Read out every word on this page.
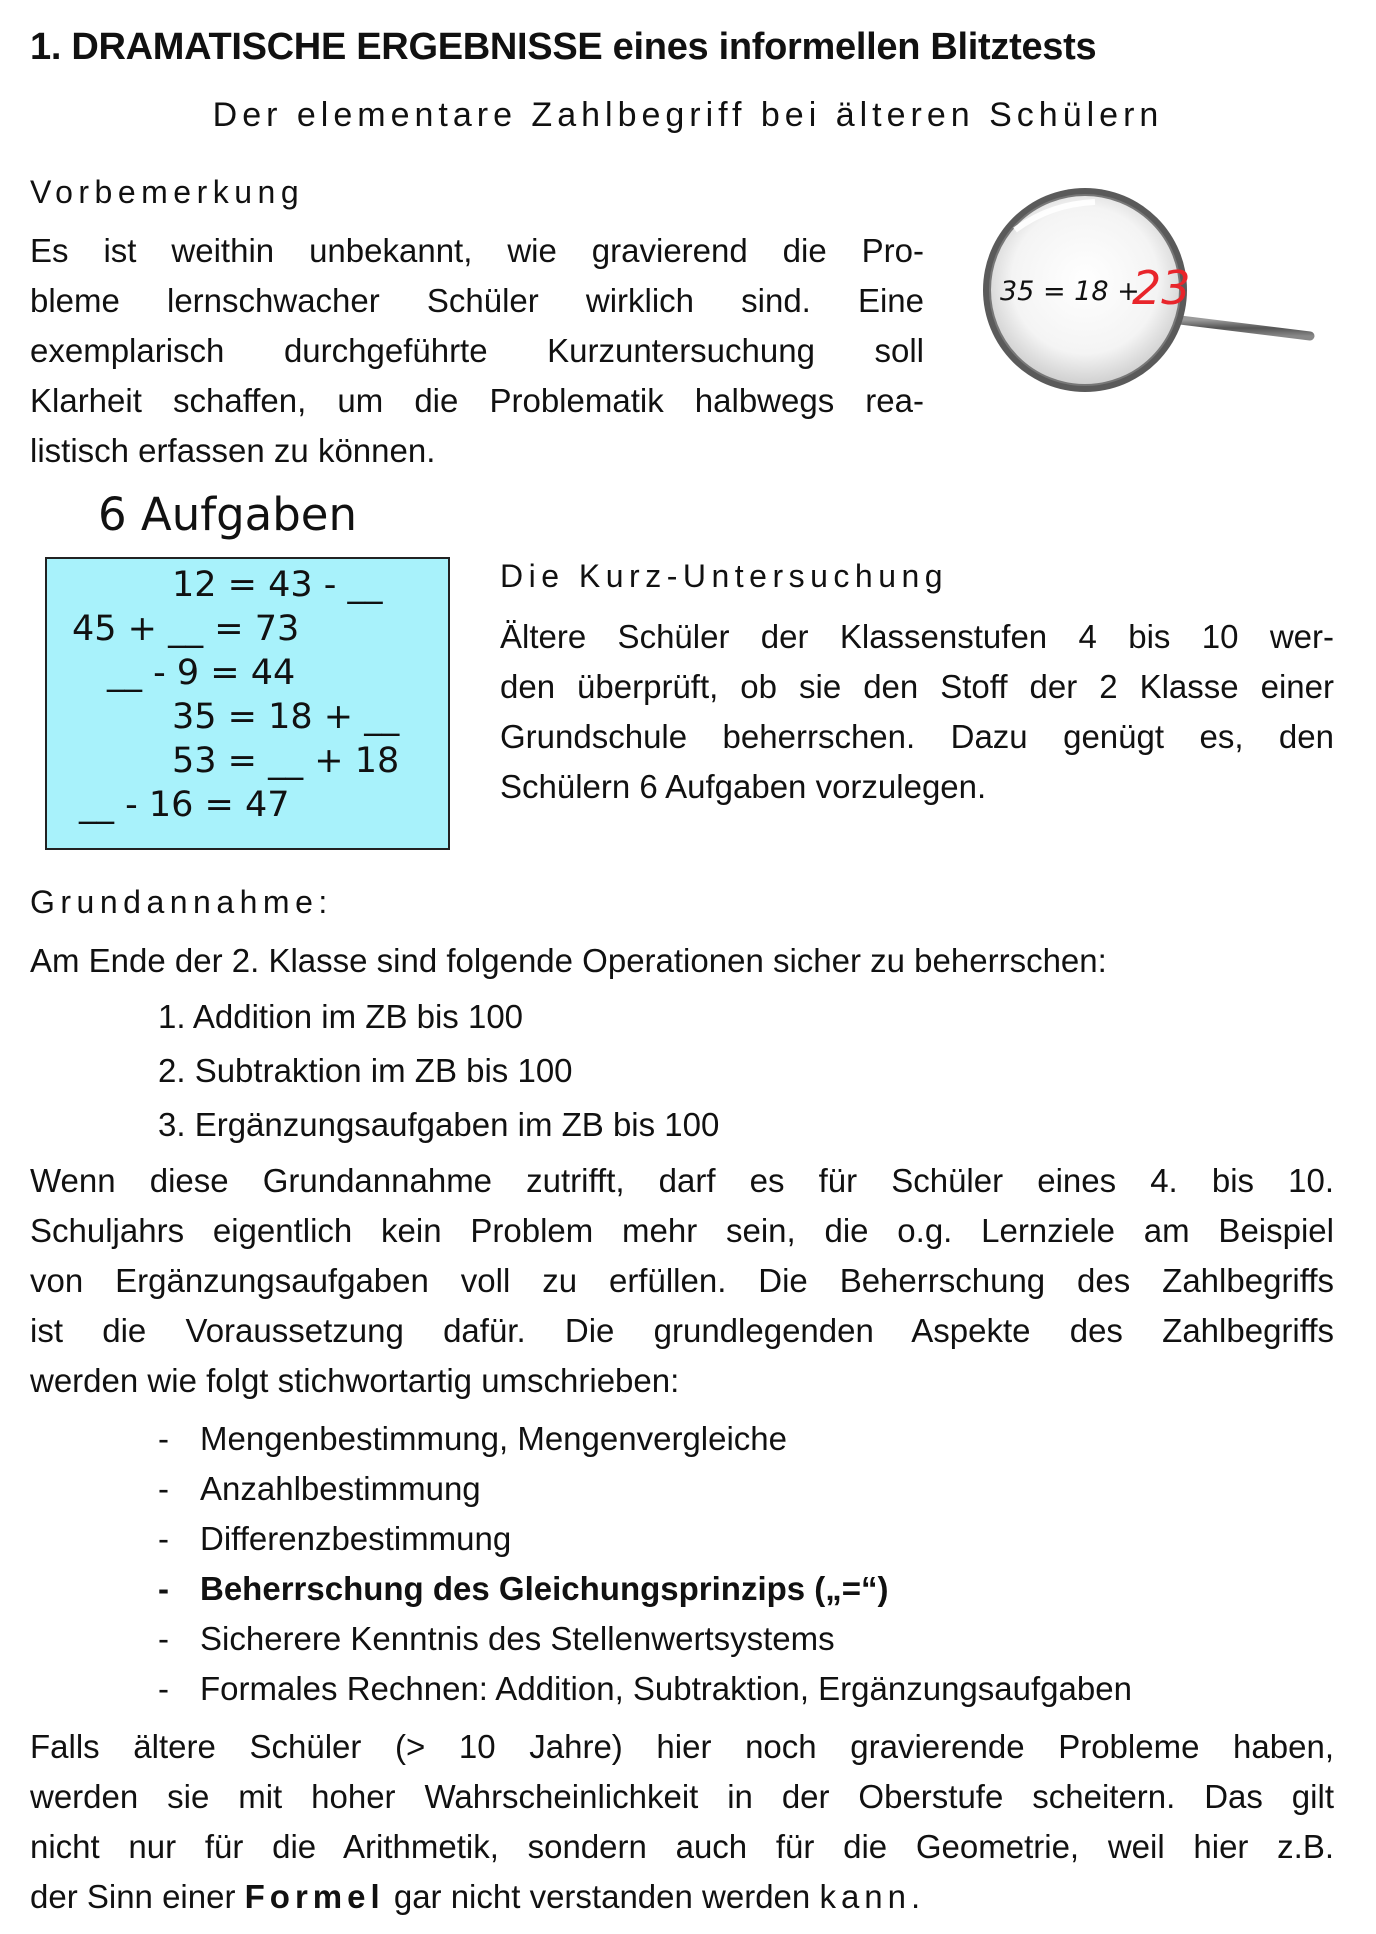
1. DRAMATISCHE ERGEBNISSE eines informellen Blitztests
Der elementare Zahlbegriff bei älteren Schülern
Vorbemerkung
Es ist weithin unbekannt, wie gravierend die Pro-
bleme lernschwacher Schüler wirklich sind. Eine
exemplarisch durchgeführte Kurzuntersuchung soll
Klarheit schaffen, um die Problematik halbwegs rea-
listisch erfassen zu können.
35 = 18 +
23
6 Aufgaben
12 = 43 - __
45 + __ = 73
__ - 9 = 44
35 = 18 + __
53 = __ + 18
__ - 16 = 47
Die Kurz-Untersuchung
Ältere Schüler der Klassenstufen 4 bis 10 wer-
den überprüft, ob sie den Stoff der 2 Klasse einer
Grundschule beherrschen. Dazu genügt es, den
Schülern 6 Aufgaben vorzulegen.
Grundannahme:
Am Ende der 2. Klasse sind folgende Operationen sicher zu beherrschen:
1. Addition im ZB bis 100
2. Subtraktion im ZB bis 100
3. Ergänzungsaufgaben im ZB bis 100
Wenn diese Grundannahme zutrifft, darf es für Schüler eines 4. bis 10.
Schuljahrs eigentlich kein Problem mehr sein, die o.g. Lernziele am Beispiel
von Ergänzungsaufgaben voll zu erfüllen. Die Beherrschung des Zahlbegriffs
ist die Voraussetzung dafür. Die grundlegenden Aspekte des Zahlbegriffs
werden wie folgt stichwortartig umschrieben:
- Mengenbestimmung, Mengenvergleiche
- Anzahlbestimmung
- Differenzbestimmung
- Beherrschung des Gleichungsprinzips („=“)
- Sicherere Kenntnis des Stellenwertsystems
- Formales Rechnen: Addition, Subtraktion, Ergänzungsaufgaben
Falls ältere Schüler (> 10 Jahre) hier noch gravierende Probleme haben,
werden sie mit hoher Wahrscheinlichkeit in der Oberstufe scheitern. Das gilt
nicht nur für die Arithmetik, sondern auch für die Geometrie, weil hier z.B.
der Sinn einer Formel gar nicht verstanden werden kann.
